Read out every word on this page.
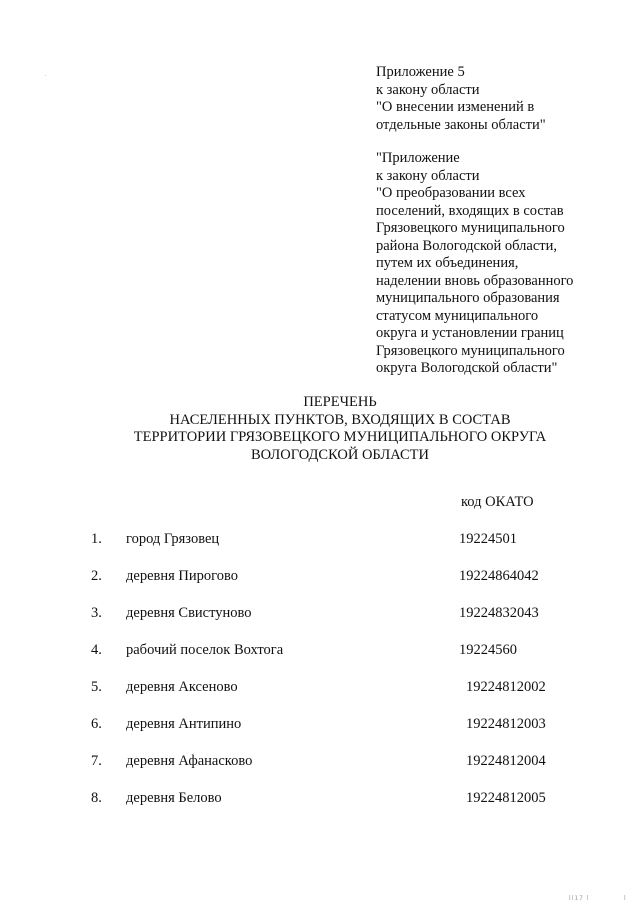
Приложение 5
к закону области
"О внесении изменений в
отдельные законы области"
"Приложение
к закону области
"О преобразовании всех
поселений, входящих в состав
Грязовецкого муниципального
района Вологодской области,
путем их объединения,
наделении вновь образованного
муниципального образования
статусом муниципального
округа и установлении границ
Грязовецкого муниципального
округа Вологодской области"
ПЕРЕЧЕНЬ
НАСЕЛЕННЫХ ПУНКТОВ, ВХОДЯЩИХ В СОСТАВ
ТЕРРИТОРИИ ГРЯЗОВЕЦКОГО МУНИЦИПАЛЬНОГО ОКРУГА
ВОЛОГОДСКОЙ ОБЛАСТИ
код ОКАТО
1. город Грязовец	19224501
2. деревня Пирогово	19224864042
3. деревня Свистуново	19224832043
4. рабочий поселок Вохтога	19224560
5. деревня Аксеново	19224812002
6. деревня Антипино	19224812003
7. деревня Афанасково	19224812004
8. деревня Белово	19224812005
ll17 l	l
